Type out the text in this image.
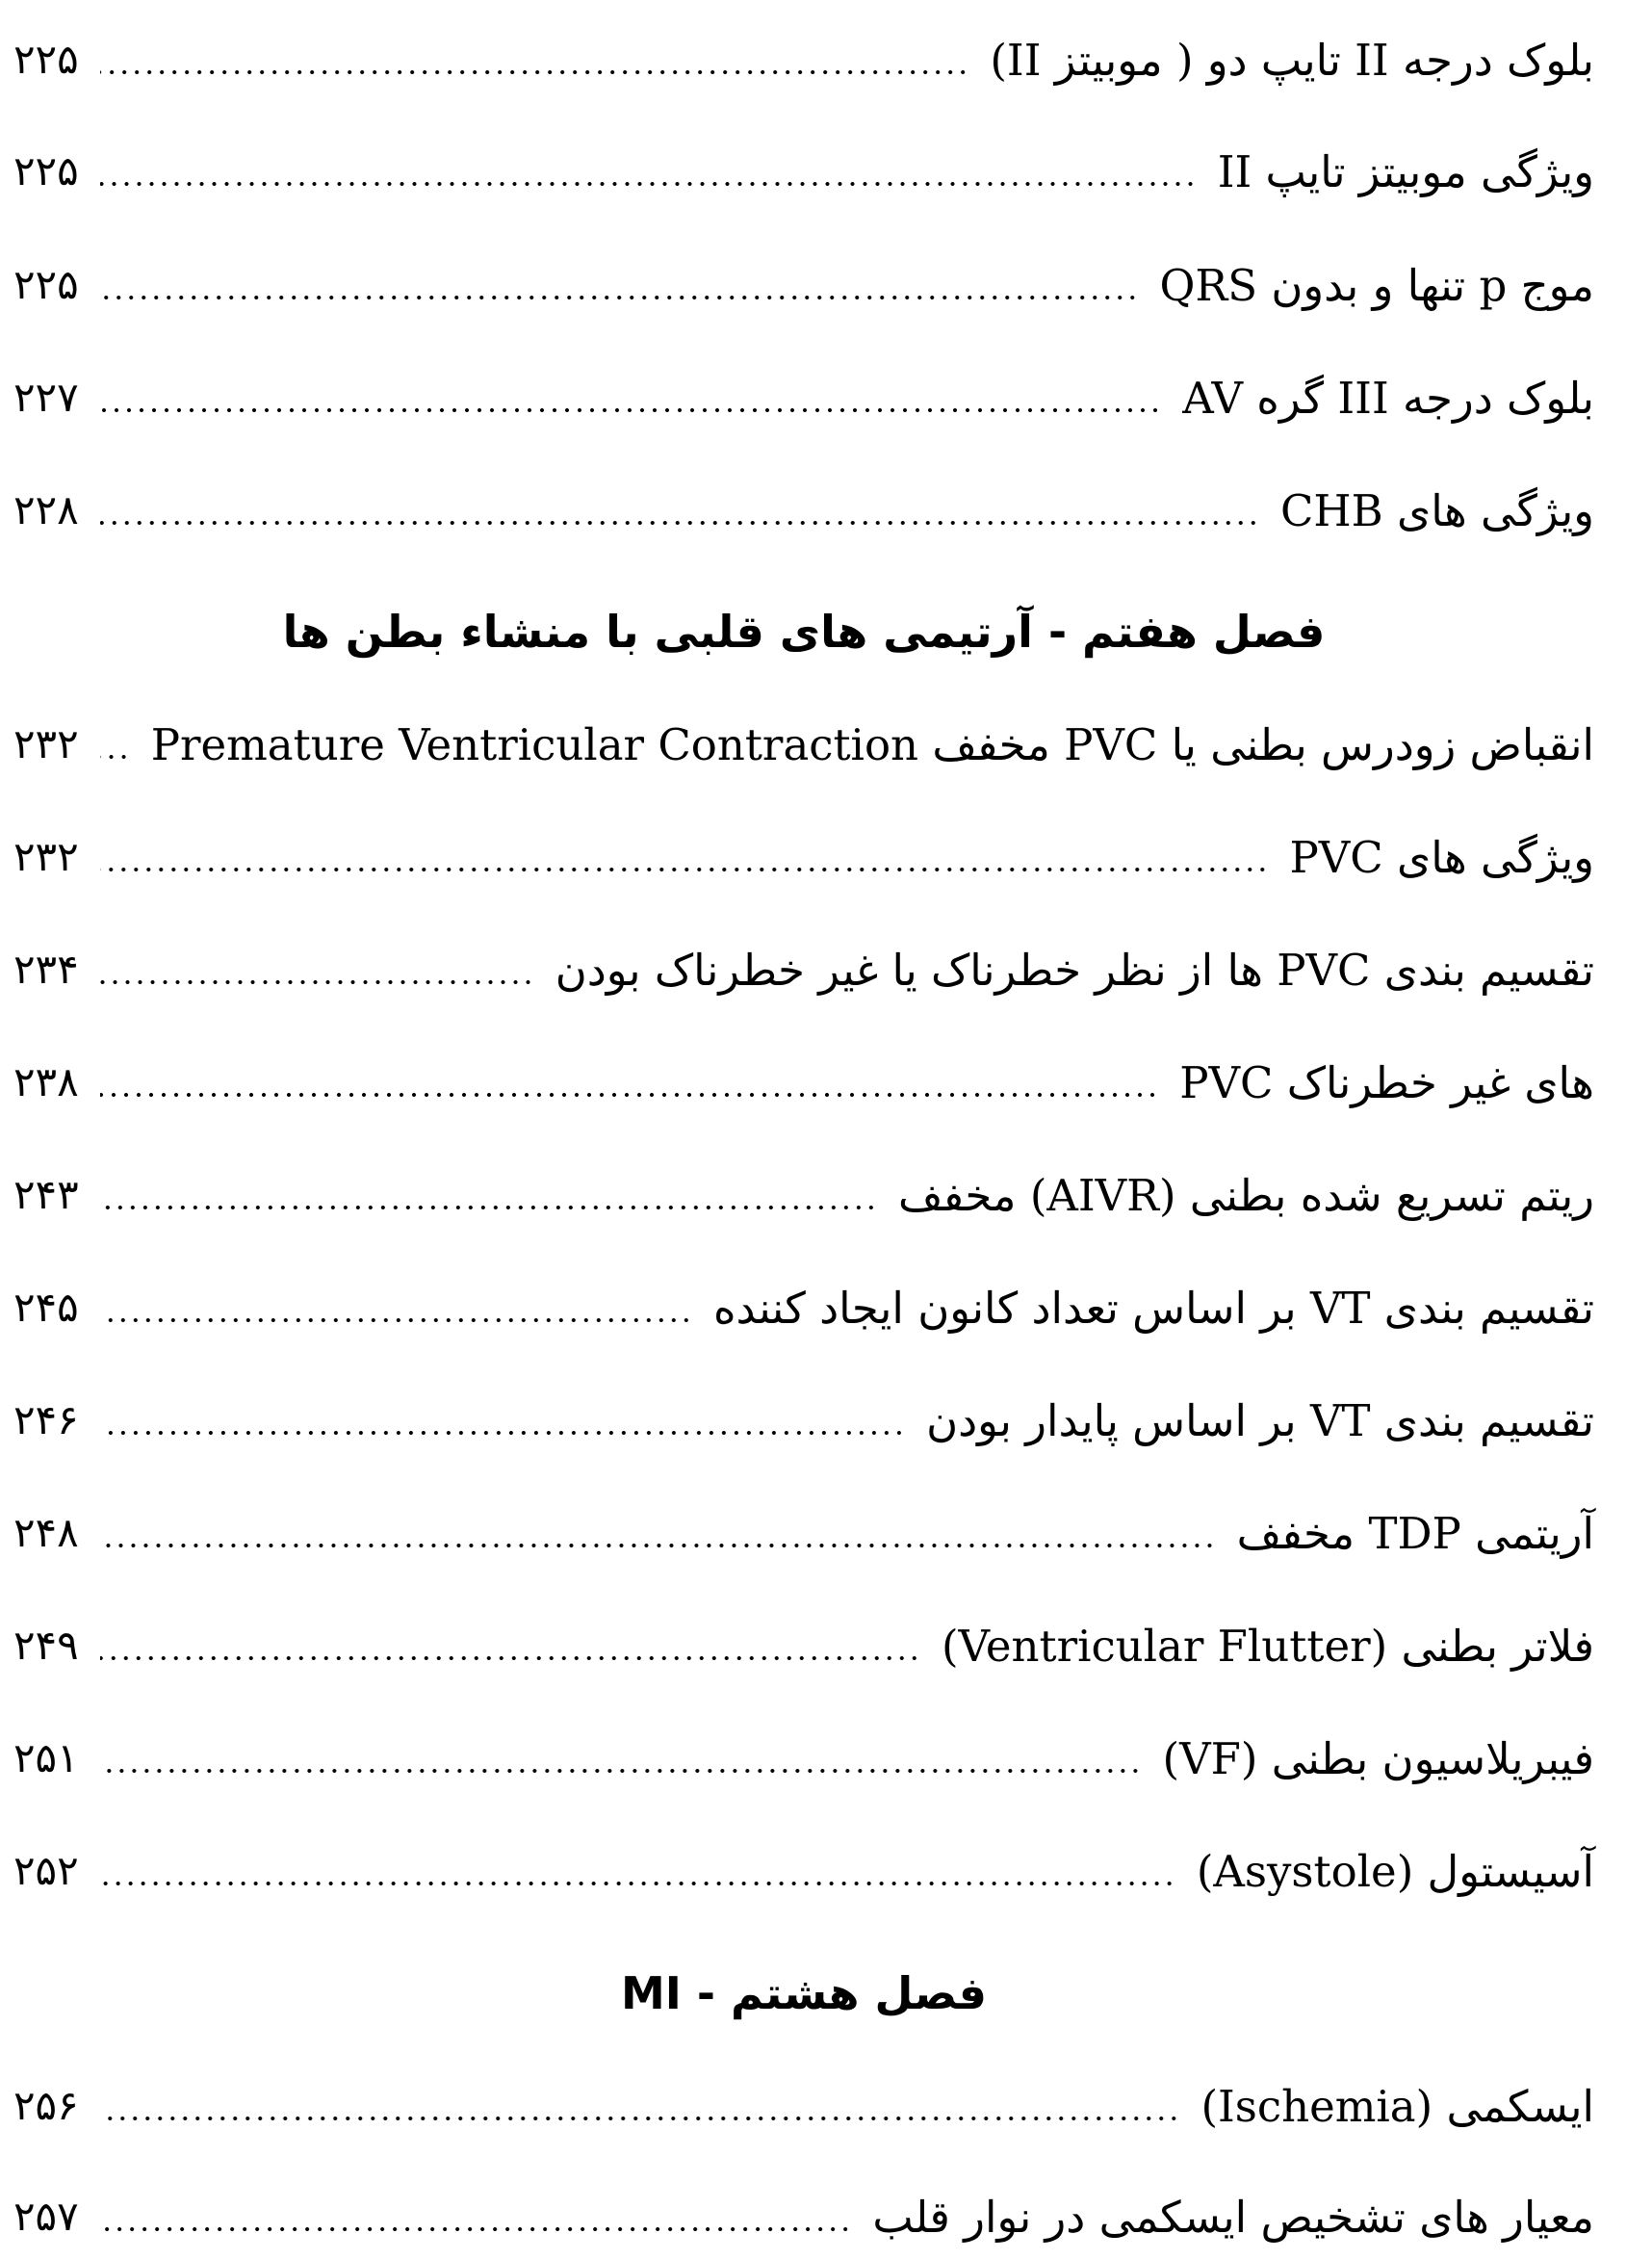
بلوک درجه II تایپ دو ( موبیتز II)
۲۲۵
ویژگی موبیتز تایپ II
۲۲۵
موج p تنها و بدون QRS
۲۲۵
بلوک درجه III گره AV
۲۲۷
ویژگی های CHB
۲۲۸
فصل هفتم - آرتیمی های قلبی با منشاء بطن ها
انقباض زودرس بطنی یا PVC مخفف Premature Ventricular Contraction
۲۳۲
ویژگی های PVC
۲۳۲
تقسیم بندی PVC ها از نظر خطرناک یا غیر خطرناک بودن
۲۳۴
PVC های غیر خطرناک
۲۳۸
ریتم تسریع شده بطنی (AIVR) مخفف
۲۴۳
تقسیم بندی VT بر اساس تعداد کانون ایجاد کننده
۲۴۵
تقسیم بندی VT بر اساس پایدار بودن
۲۴۶
آریتمی TDP مخفف
۲۴۸
فلاتر بطنی (Ventricular Flutter)
۲۴۹
فیبریلاسیون بطنی (VF)
۲۵۱
آسیستول (Asystole)
۲۵۲
فصل هشتم - MI
ایسکمی (Ischemia)
۲۵۶
معیار های تشخیص ایسکمی در نوار قلب
۲۵۷
